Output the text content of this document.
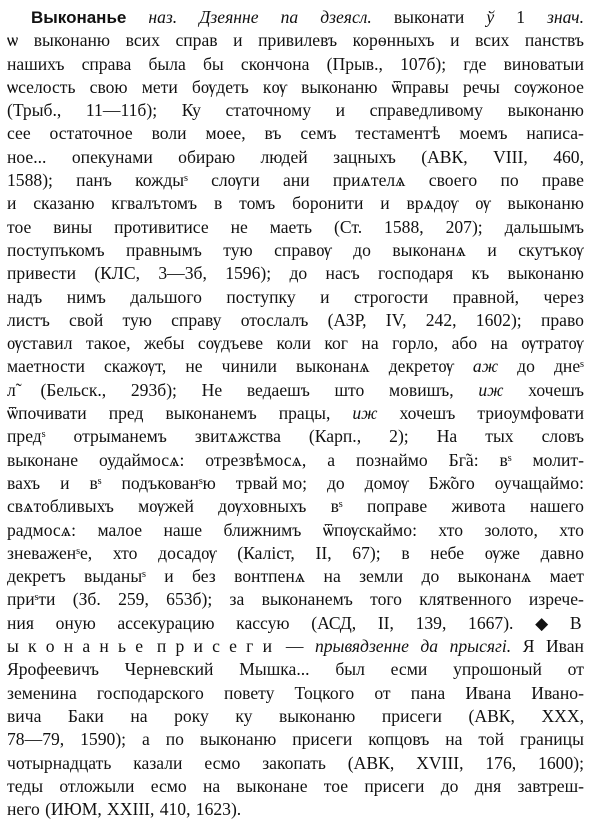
Выконанье наз. Дзеянне па дзеясл. выконати ў 1 знач.
ѡ выконаню всих справ и привилевъ корѳнныхъ и всих панствъ
нашихъ справа была бы скончона (Прыв., 107б); где виноватыи
ѡселость свою мети бѹдеть кѹ выконаню ѿправы речы сѹжоное
(Трыб., 11—11б); Ку статочному и справедливому выконаню
сее остаточное воли моее, въ семъ тестаментѣ моемъ написа-
ное... опекунами обираю людей зацныхъ (АВК, VIII, 460,
1588); панъ кождыˢ слѹги ани приѧтелѧ своего по праве
и сказаню кгвалътомъ в томъ боронити и врѧдѹ ѹ выконаню
тое вины противитисе не маеть (Ст. 1588, 207); дальшымъ
поступъкомъ правнымъ тую справѹ до выконанѧ и скутъкѹ
привести (КЛС, 3—3б, 1596); до насъ господаря къ выконаню
надъ нимъ дальшого поступку и строгости правной, через
листъ свой тую справу отослалъ (АЗР, IV, 242, 1602); право
ѹставил такое, жебы сѹдъеве коли ког на горло, або на ѹтратѹ
маетности скажѹт, не чинили выконанѧ декретѹ аж до днеˢ
л̃ (Бельск., 293б); Не ведаешъ што мовишъ, иж хочешъ
ѿпочивати пред выконанемъ працы, иж хочешъ триоумфовати
предˢ отрыманемъ звитѧжства (Карп., 2); На тых словъ
выконане оудаймосѧ: отрезвѣмосѧ, а познаймо Бг̃а: вˢ молит-
вахъ и вˢ подъкованˢю трвай мо; до домѹ Бж̃ого оучащаймо:
свѧтобливыхъ мѹжей дѹховныхъ вˢ поправе живота нашего
радмосѧ: малое наше ближнимъ ѿпѹскаймо: хто золото, хто
зневаженˢе, хто досадѹ (Каліст, II, 67); в небе ѹже давно
декретъ выданыˢ и без вонтпенѧ на земли до выконанѧ мает
приˢти (Зб. 259, 653б); за выконанемъ того клятвенного изрече-
ния оную ассекурацию кассую (АСД, II, 139, 1667). ◆ В
ы к о н а н ь е п р и с е г и — прывядзенне да прысягі. Я Иван
Ярофеевичъ Черневский Мышка... был есми упрошоный от
земенина господарского повету Тоцкого от пана Ивана Ивано-
вича Баки на року ку выконаню присеги (АВК, XXX,
78—79, 1590); а по выконаню присеги копцовъ на той границы
чотырнадцать казали есмо закопать (АВК, XVIII, 176, 1600);
теды отложыли есмо на выконане тое присеги до дня завтреш-
него (ИЮМ, XXIII, 410, 1623).
